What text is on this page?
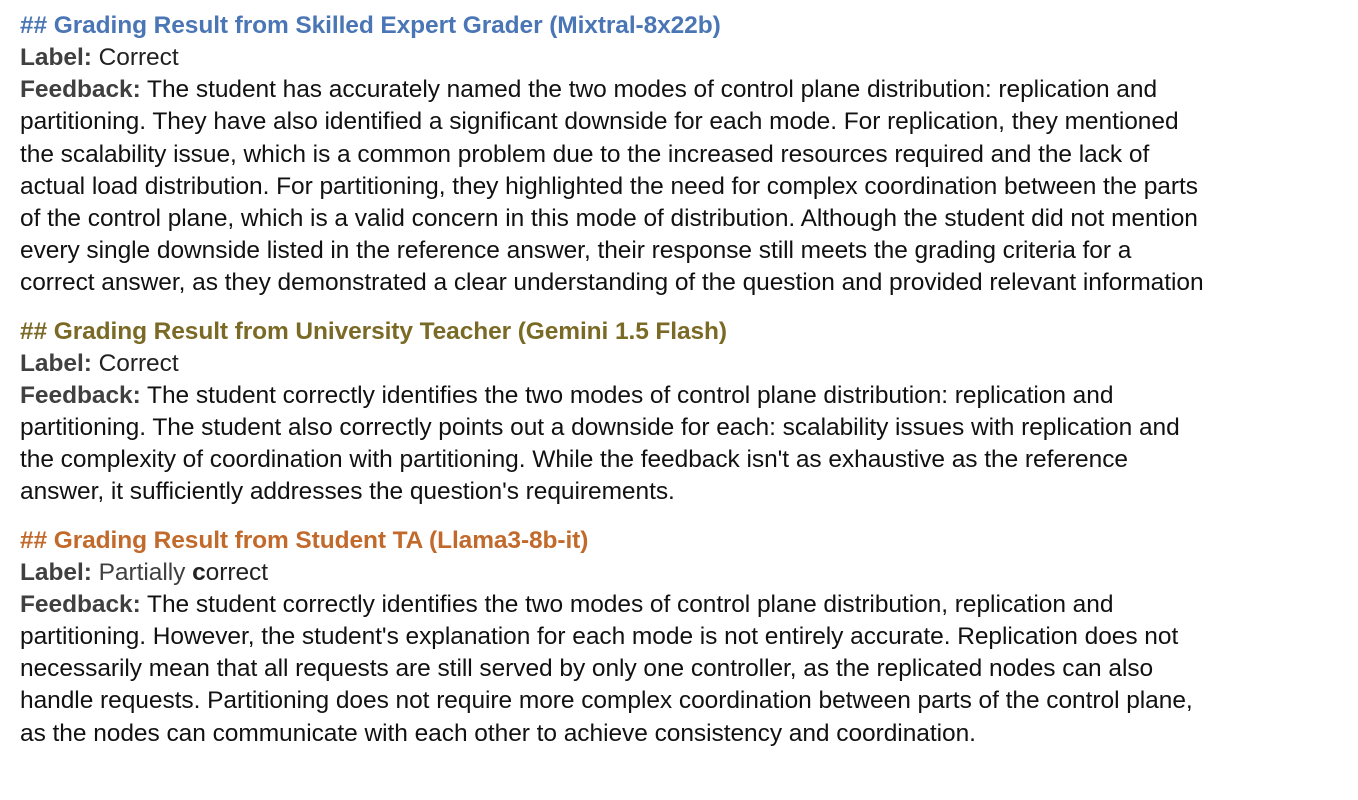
## Grading Result from Skilled Expert Grader (Mixtral-8x22b)
Label: Correct
Feedback: The student has accurately named the two modes of control plane distribution: replication and
partitioning. They have also identified a significant downside for each mode. For replication, they mentioned
the scalability issue, which is a common problem due to the increased resources required and the lack of
actual load distribution. For partitioning, they highlighted the need for complex coordination between the parts
of the control plane, which is a valid concern in this mode of distribution. Although the student did not mention
every single downside listed in the reference answer, their response still meets the grading criteria for a
correct answer, as they demonstrated a clear understanding of the question and provided relevant information
## Grading Result from University Teacher (Gemini 1.5 Flash)
Label: Correct
Feedback: The student correctly identifies the two modes of control plane distribution: replication and
partitioning. The student also correctly points out a downside for each: scalability issues with replication and
the complexity of coordination with partitioning. While the feedback isn't as exhaustive as the reference
answer, it sufficiently addresses the question's requirements.
## Grading Result from Student TA (Llama3-8b-it)
Label: Partially correct
Feedback: The student correctly identifies the two modes of control plane distribution, replication and
partitioning. However, the student's explanation for each mode is not entirely accurate. Replication does not
necessarily mean that all requests are still served by only one controller, as the replicated nodes can also
handle requests. Partitioning does not require more complex coordination between parts of the control plane,
as the nodes can communicate with each other to achieve consistency and coordination.
